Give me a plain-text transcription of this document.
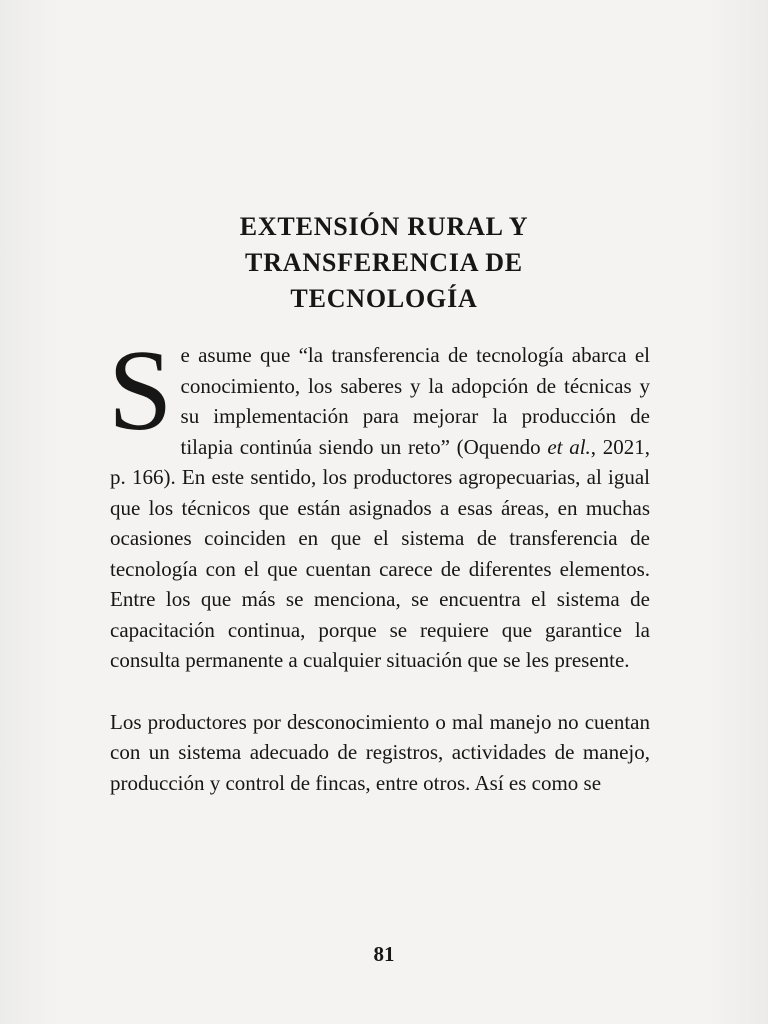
EXTENSIÓN RURAL Y
TRANSFERENCIA DE
TECNOLOGÍA

Se asume que “la transferencia de tecnología abarca el conocimiento, los saberes y la adopción de técnicas y su implementación para mejorar la producción de tilapia continúa siendo un reto” (Oquendo et al., 2021, p. 166). En este sentido, los productores agropecuarias, al igual que los técnicos que están asignados a esas áreas, en muchas ocasiones coinciden en que el sistema de transferencia de tecnología con el que cuentan carece de diferentes elementos. Entre los que más se menciona, se encuentra el sistema de capacitación continua, porque se requiere que garantice la consulta permanente a cualquier situación que se les presente.

Los productores por desconocimiento o mal manejo no cuentan con un sistema adecuado de registros, actividades de manejo, producción y control de fincas, entre otros. Así es como se

81
